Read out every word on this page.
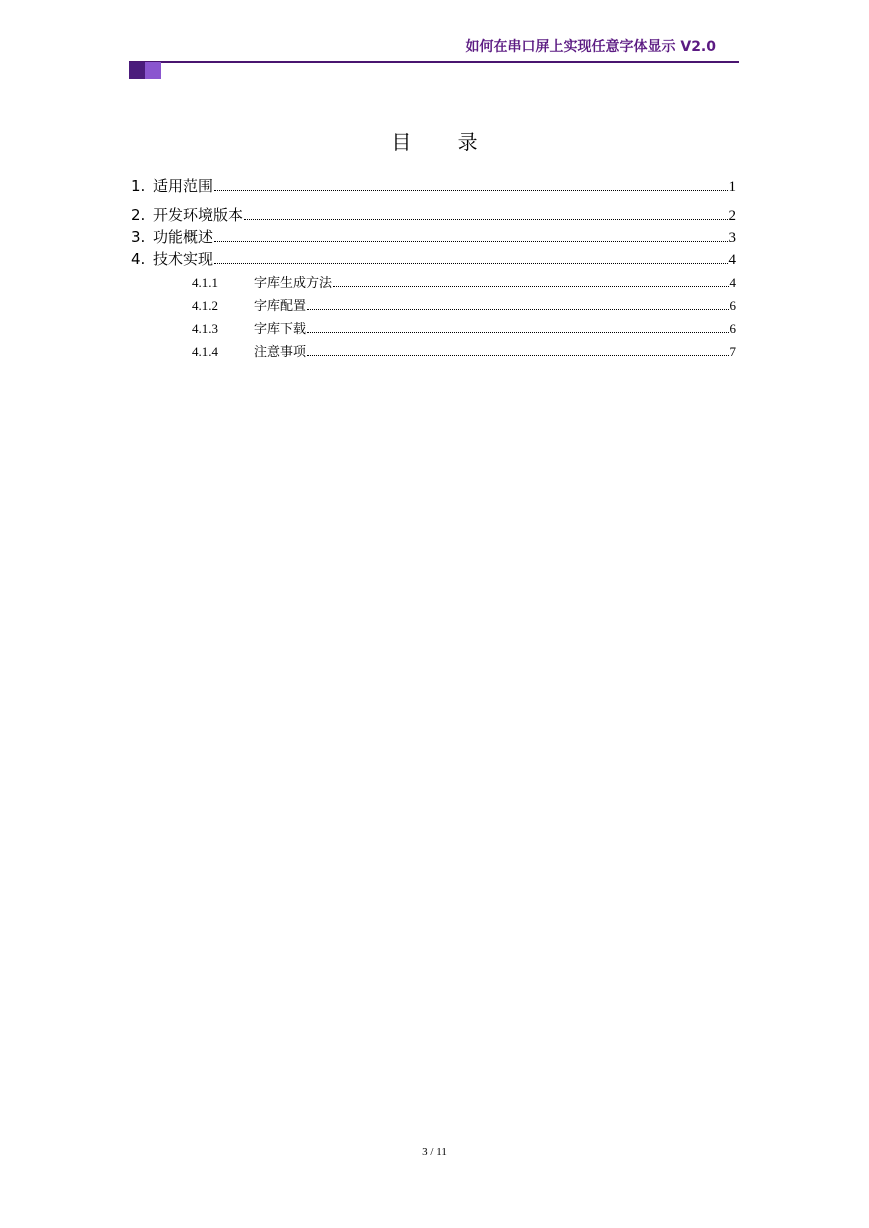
如何在串口屏上实现任意字体显示 V2.0
目 录
1. 适用范围	1
2. 开发环境版本	2
3. 功能概述	3
4. 技术实现	4
4.1.1	字库生成方法	4
4.1.2	字库配置	6
4.1.3	字库下载	6
4.1.4	注意事项	7
3 / 11
